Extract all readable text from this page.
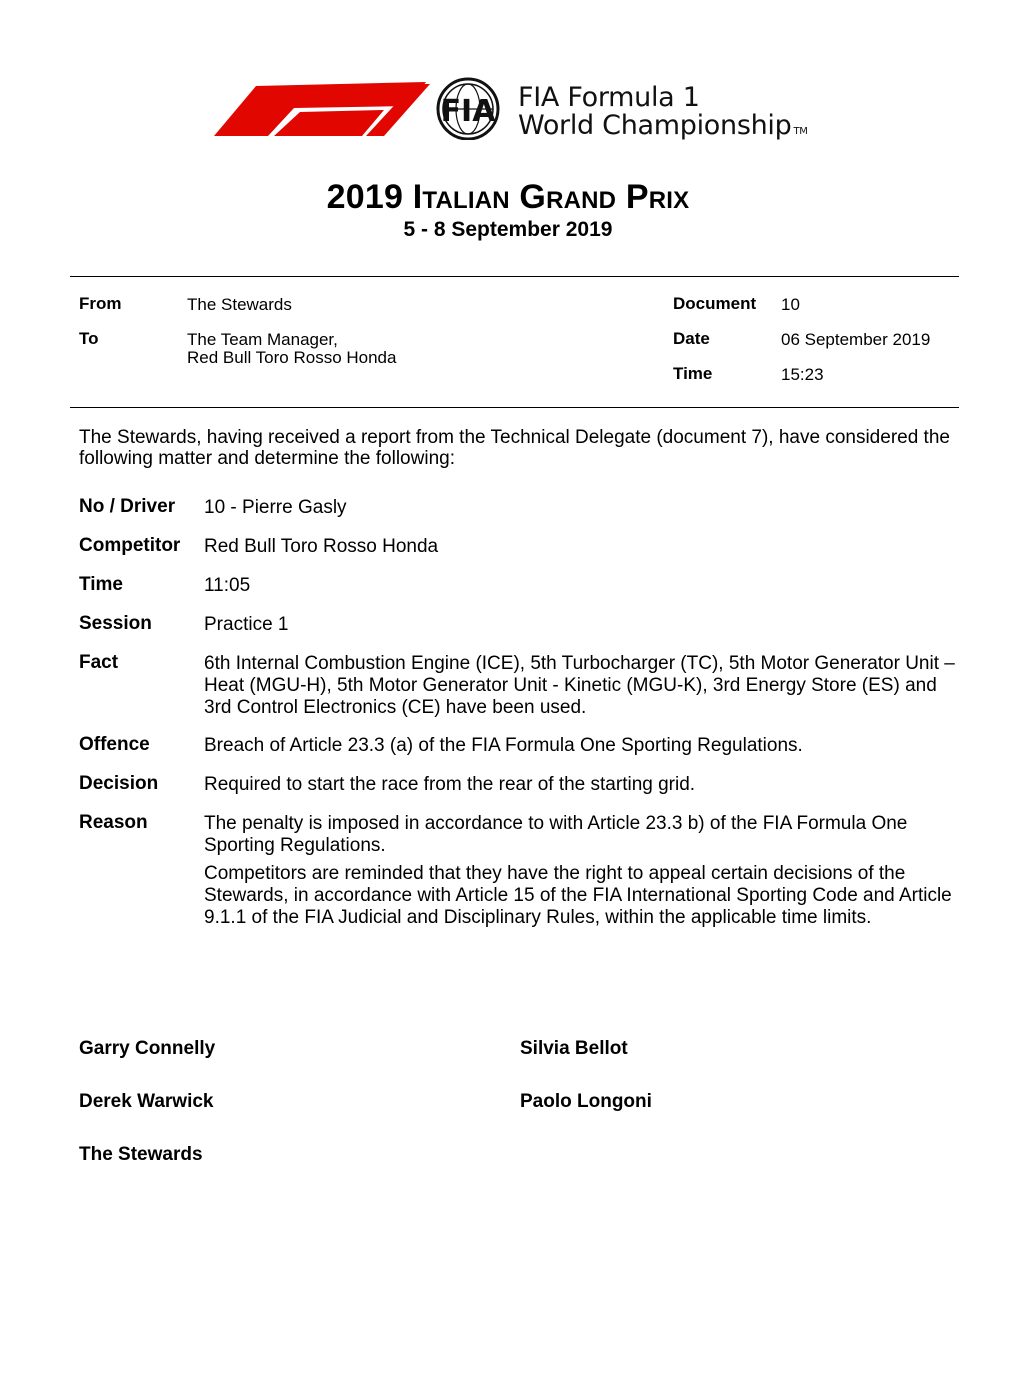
FIA FIA Formula 1
World Championship TM
2019 Italian Grand Prix
5 - 8 September 2019
From	The Stewards
To	The Team Manager,
Red Bull Toro Rosso Honda
Document 10
Date	06 September 2019
Time	15:23
The Stewards, having received a report from the Technical Delegate (document 7), have considered the following matter and determine the following:
No / Driver 10 - Pierre Gasly
Competitor Red Bull Toro Rosso Honda
Time	11:05
Session	Practice 1
Fact	6th Internal Combustion Engine (ICE), 5th Turbocharger (TC), 5th Motor Generator Unit – Heat (MGU-H), 5th Motor Generator Unit - Kinetic (MGU-K), 3rd Energy Store (ES) and 3rd Control Electronics (CE) have been used.
Offence	Breach of Article 23.3 (a) of the FIA Formula One Sporting Regulations.
Decision Required to start the race from the rear of the starting grid.
Reason	The penalty is imposed in accordance to with Article 23.3 b) of the FIA Formula One Sporting Regulations.
Competitors are reminded that they have the right to appeal certain decisions of the Stewards, in accordance with Article 15 of the FIA International Sporting Code and Article 9.1.1 of the FIA Judicial and Disciplinary Rules, within the applicable time limits.
Garry Connelly	Silvia Bellot
Derek Warwick	Paolo Longoni
The Stewards
